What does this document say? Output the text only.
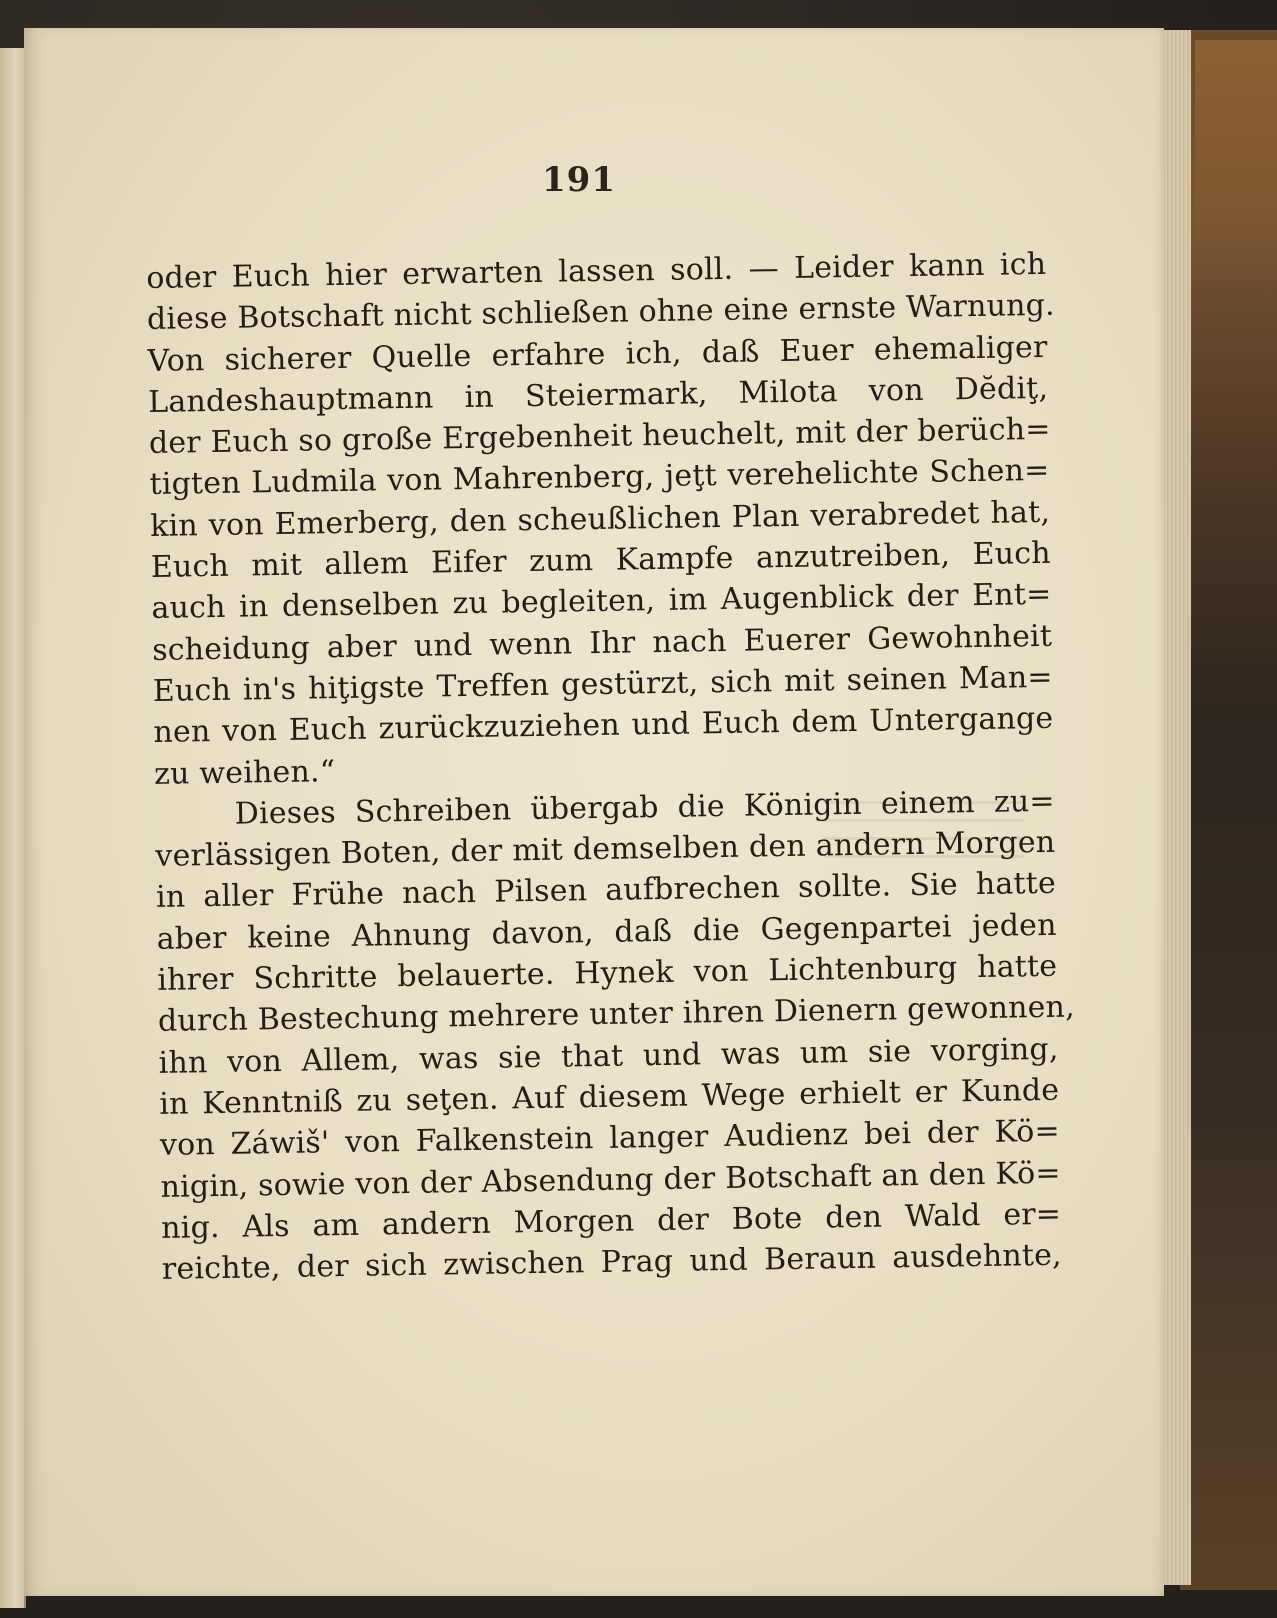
191
oder Euch hier erwarten lassen soll. — Leider kann ich
diese Botschaft nicht schließen ohne eine ernste Warnung.
Von sicherer Quelle erfahre ich, daß Euer ehemaliger
Landeshauptmann in Steiermark, Milota von Dĕdiţ,
der Euch so große Ergebenheit heuchelt, mit der berüch=
tigten Ludmila von Mahrenberg, jeţt verehelichte Schen=
kin von Emerberg, den scheußlichen Plan verabredet hat,
Euch mit allem Eifer zum Kampfe anzutreiben, Euch
auch in denselben zu begleiten, im Augenblick der Ent=
scheidung aber und wenn Ihr nach Euerer Gewohnheit
Euch in's hiţigste Treffen gestürzt, sich mit seinen Man=
nen von Euch zurückzuziehen und Euch dem Untergange
zu weihen.“
Dieses Schreiben übergab die Königin einem zu=
verlässigen Boten, der mit demselben den andern Morgen
in aller Frühe nach Pilsen aufbrechen sollte. Sie hatte
aber keine Ahnung davon, daß die Gegenpartei jeden
ihrer Schritte belauerte. Hynek von Lichtenburg hatte
durch Bestechung mehrere unter ihren Dienern gewonnen,
ihn von Allem, was sie that und was um sie vorging,
in Kenntniß zu seţen. Auf diesem Wege erhielt er Kunde
von Záwiš' von Falkenstein langer Audienz bei der Kö=
nigin, sowie von der Absendung der Botschaft an den Kö=
nig. Als am andern Morgen der Bote den Wald er=
reichte, der sich zwischen Prag und Beraun ausdehnte,
